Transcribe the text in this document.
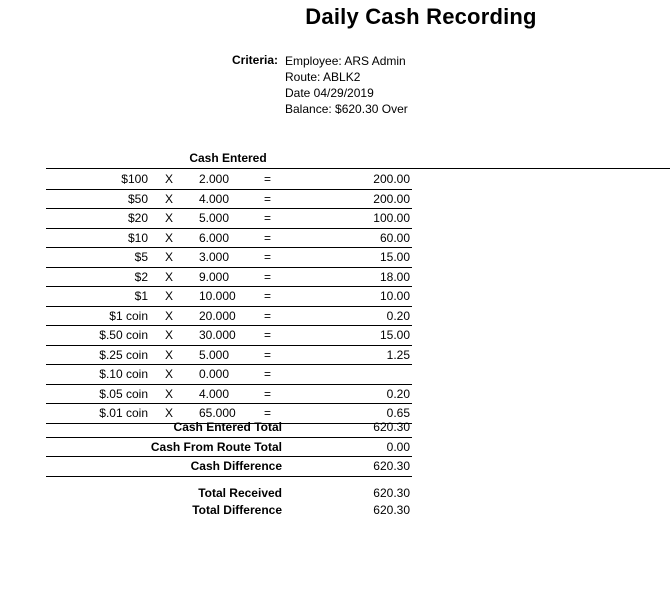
Daily Cash Recording
Criteria: Employee: ARS Admin
Route: ABLK2
Date 04/29/2019
Balance: $620.30 Over
Cash Entered
$100 X 2.000	=	200.00
$50 X 4.000	=	200.00
$20 X 5.000	=	100.00
$10 X 6.000	=	60.00
$5 X 3.000	=	15.00
$2 X 9.000	=	18.00
$1 X 10.000 =	10.00
$1 coin X 20.000 =	0.20
$.50 coin X 30.000 =	15.00
$.25 coin X 5.000	=	1.25
$.10 coin X 0.000	=
$.05 coin X 4.000	=	0.20
$.01 coin X 65.000 =	0.65
Cash Entered Total	620.30
Cash From Route Total	0.00
Cash Difference	620.30
Total Received	620.30
Total Difference	620.30
